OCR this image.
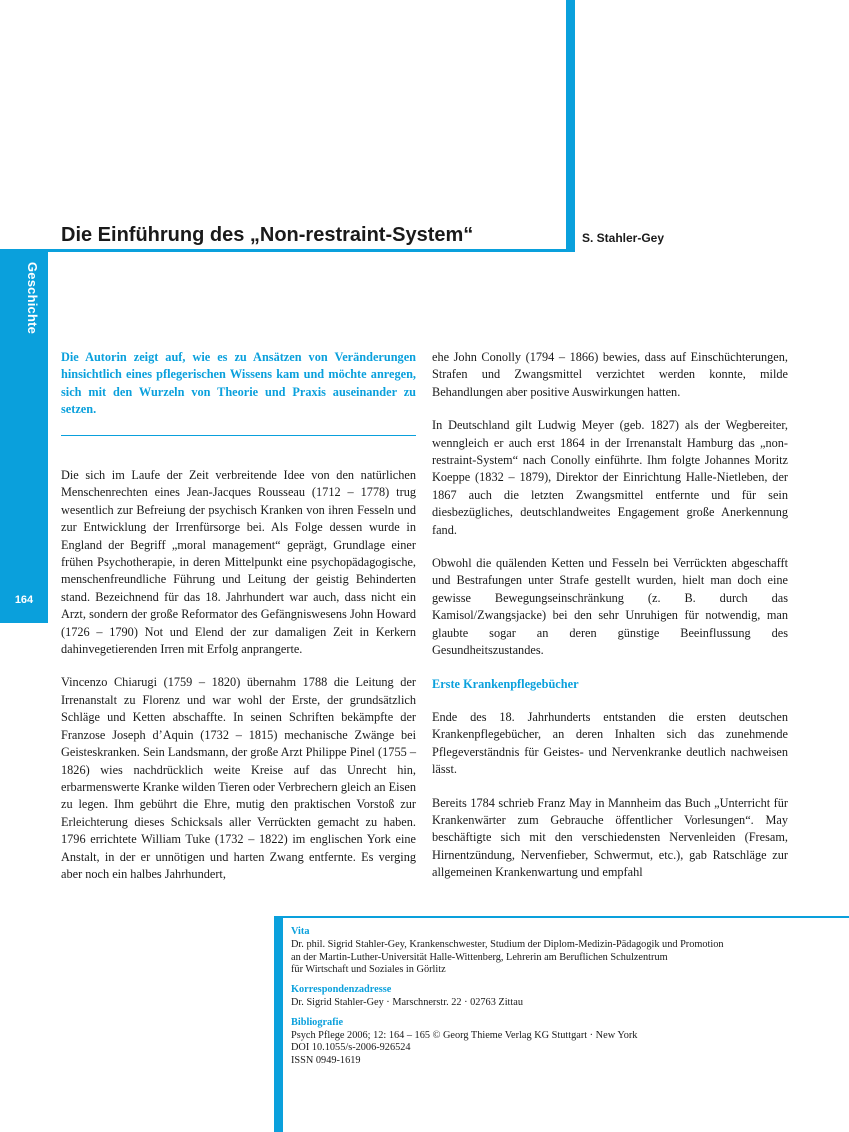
Die Einführung des „Non-restraint-System“	S. Stahler-Gey
Geschichte
164

Die Autorin zeigt auf, wie es zu Ansätzen von Veränderungen hinsichtlich eines pflegerischen Wissens kam und möchte anregen, sich mit den Wurzeln von Theorie und Praxis auseinander zu setzen.

Die sich im Laufe der Zeit verbreitende Idee von den natürlichen Menschenrechten eines Jean-Jacques Rousseau (1712 – 1778) trug wesentlich zur Befreiung der psychisch Kranken von ihren Fesseln und zur Entwicklung der Irrenfürsorge bei. Als Folge dessen wurde in England der Begriff „moral management“ geprägt, Grundlage einer frühen Psychotherapie, in deren Mittelpunkt eine psychopädagogische, menschenfreundliche Führung und Leitung der geistig Behinderten stand. Bezeichnend für das 18. Jahrhundert war auch, dass nicht ein Arzt, sondern der große Reformator des Gefängniswesens John Howard (1726 – 1790) Not und Elend der zur damaligen Zeit in Kerkern dahinvegetierenden Irren mit Erfolg anprangerte.

Vincenzo Chiarugi (1759 – 1820) übernahm 1788 die Leitung der Irrenanstalt zu Florenz und war wohl der Erste, der grundsätzlich Schläge und Ketten abschaffte. In seinen Schriften bekämpfte der Franzose Joseph d’Aquin (1732 – 1815) mechanische Zwänge bei Geisteskranken. Sein Landsmann, der große Arzt Philippe Pinel (1755 – 1826) wies nachdrücklich weite Kreise auf das Unrecht hin, erbarmenswerte Kranke wilden Tieren oder Verbrechern gleich an Eisen zu legen. Ihm gebührt die Ehre, mutig den praktischen Vorstoß zur Erleichterung dieses Schicksals aller Verrückten gemacht zu haben. 1796 errichtete William Tuke (1732 – 1822) im englischen York eine Anstalt, in der er unnötigen und harten Zwang entfernte. Es verging aber noch ein halbes Jahrhundert,

ehe John Conolly (1794 – 1866) bewies, dass auf Einschüchterungen, Strafen und Zwangsmittel verzichtet werden konnte, milde Behandlungen aber positive Auswirkungen hatten.

In Deutschland gilt Ludwig Meyer (geb. 1827) als der Wegbereiter, wenngleich er auch erst 1864 in der Irrenanstalt Hamburg das „non-restraint-System“ nach Conolly einführte. Ihm folgte Johannes Moritz Koeppe (1832 – 1879), Direktor der Einrichtung Halle-Nietleben, der 1867 auch die letzten Zwangsmittel entfernte und für sein diesbezügliches, deutschlandweites Engagement große Anerkennung fand.

Obwohl die quälenden Ketten und Fesseln bei Verrückten abgeschafft und Bestrafungen unter Strafe gestellt wurden, hielt man doch eine gewisse Bewegungseinschränkung (z. B. durch das Kamisol/Zwangsjacke) bei den sehr Unruhigen für notwendig, man glaubte sogar an deren günstige Beeinflussung des Gesundheitszustandes.

Erste Krankenpflegebücher

Ende des 18. Jahrhunderts entstanden die ersten deutschen Krankenpflegebücher, an deren Inhalten sich das zunehmende Pflegeverständnis für Geistes- und Nervenkranke deutlich nachweisen lässt.

Bereits 1784 schrieb Franz May in Mannheim das Buch „Unterricht für Krankenwärter zum Gebrauche öffentlicher Vorlesungen“. May beschäftigte sich mit den verschiedensten Nervenleiden (Fresam, Hirnentzündung, Nervenfieber, Schwermut, etc.), gab Ratschläge zur allgemeinen Krankenwartung und empfahl

Vita
Dr. phil. Sigrid Stahler-Gey, Krankenschwester, Studium der Diplom-Medizin-Pädagogik und Promotion
an der Martin-Luther-Universität Halle-Wittenberg, Lehrerin am Beruflichen Schulzentrum
für Wirtschaft und Soziales in Görlitz
Korrespondenzadresse
Dr. Sigrid Stahler-Gey · Marschnerstr. 22 · 02763 Zittau
Bibliografie
Psych Pflege 2006; 12: 164 – 165 © Georg Thieme Verlag KG Stuttgart · New York
DOI 10.1055/s-2006-926524
ISSN 0949-1619
